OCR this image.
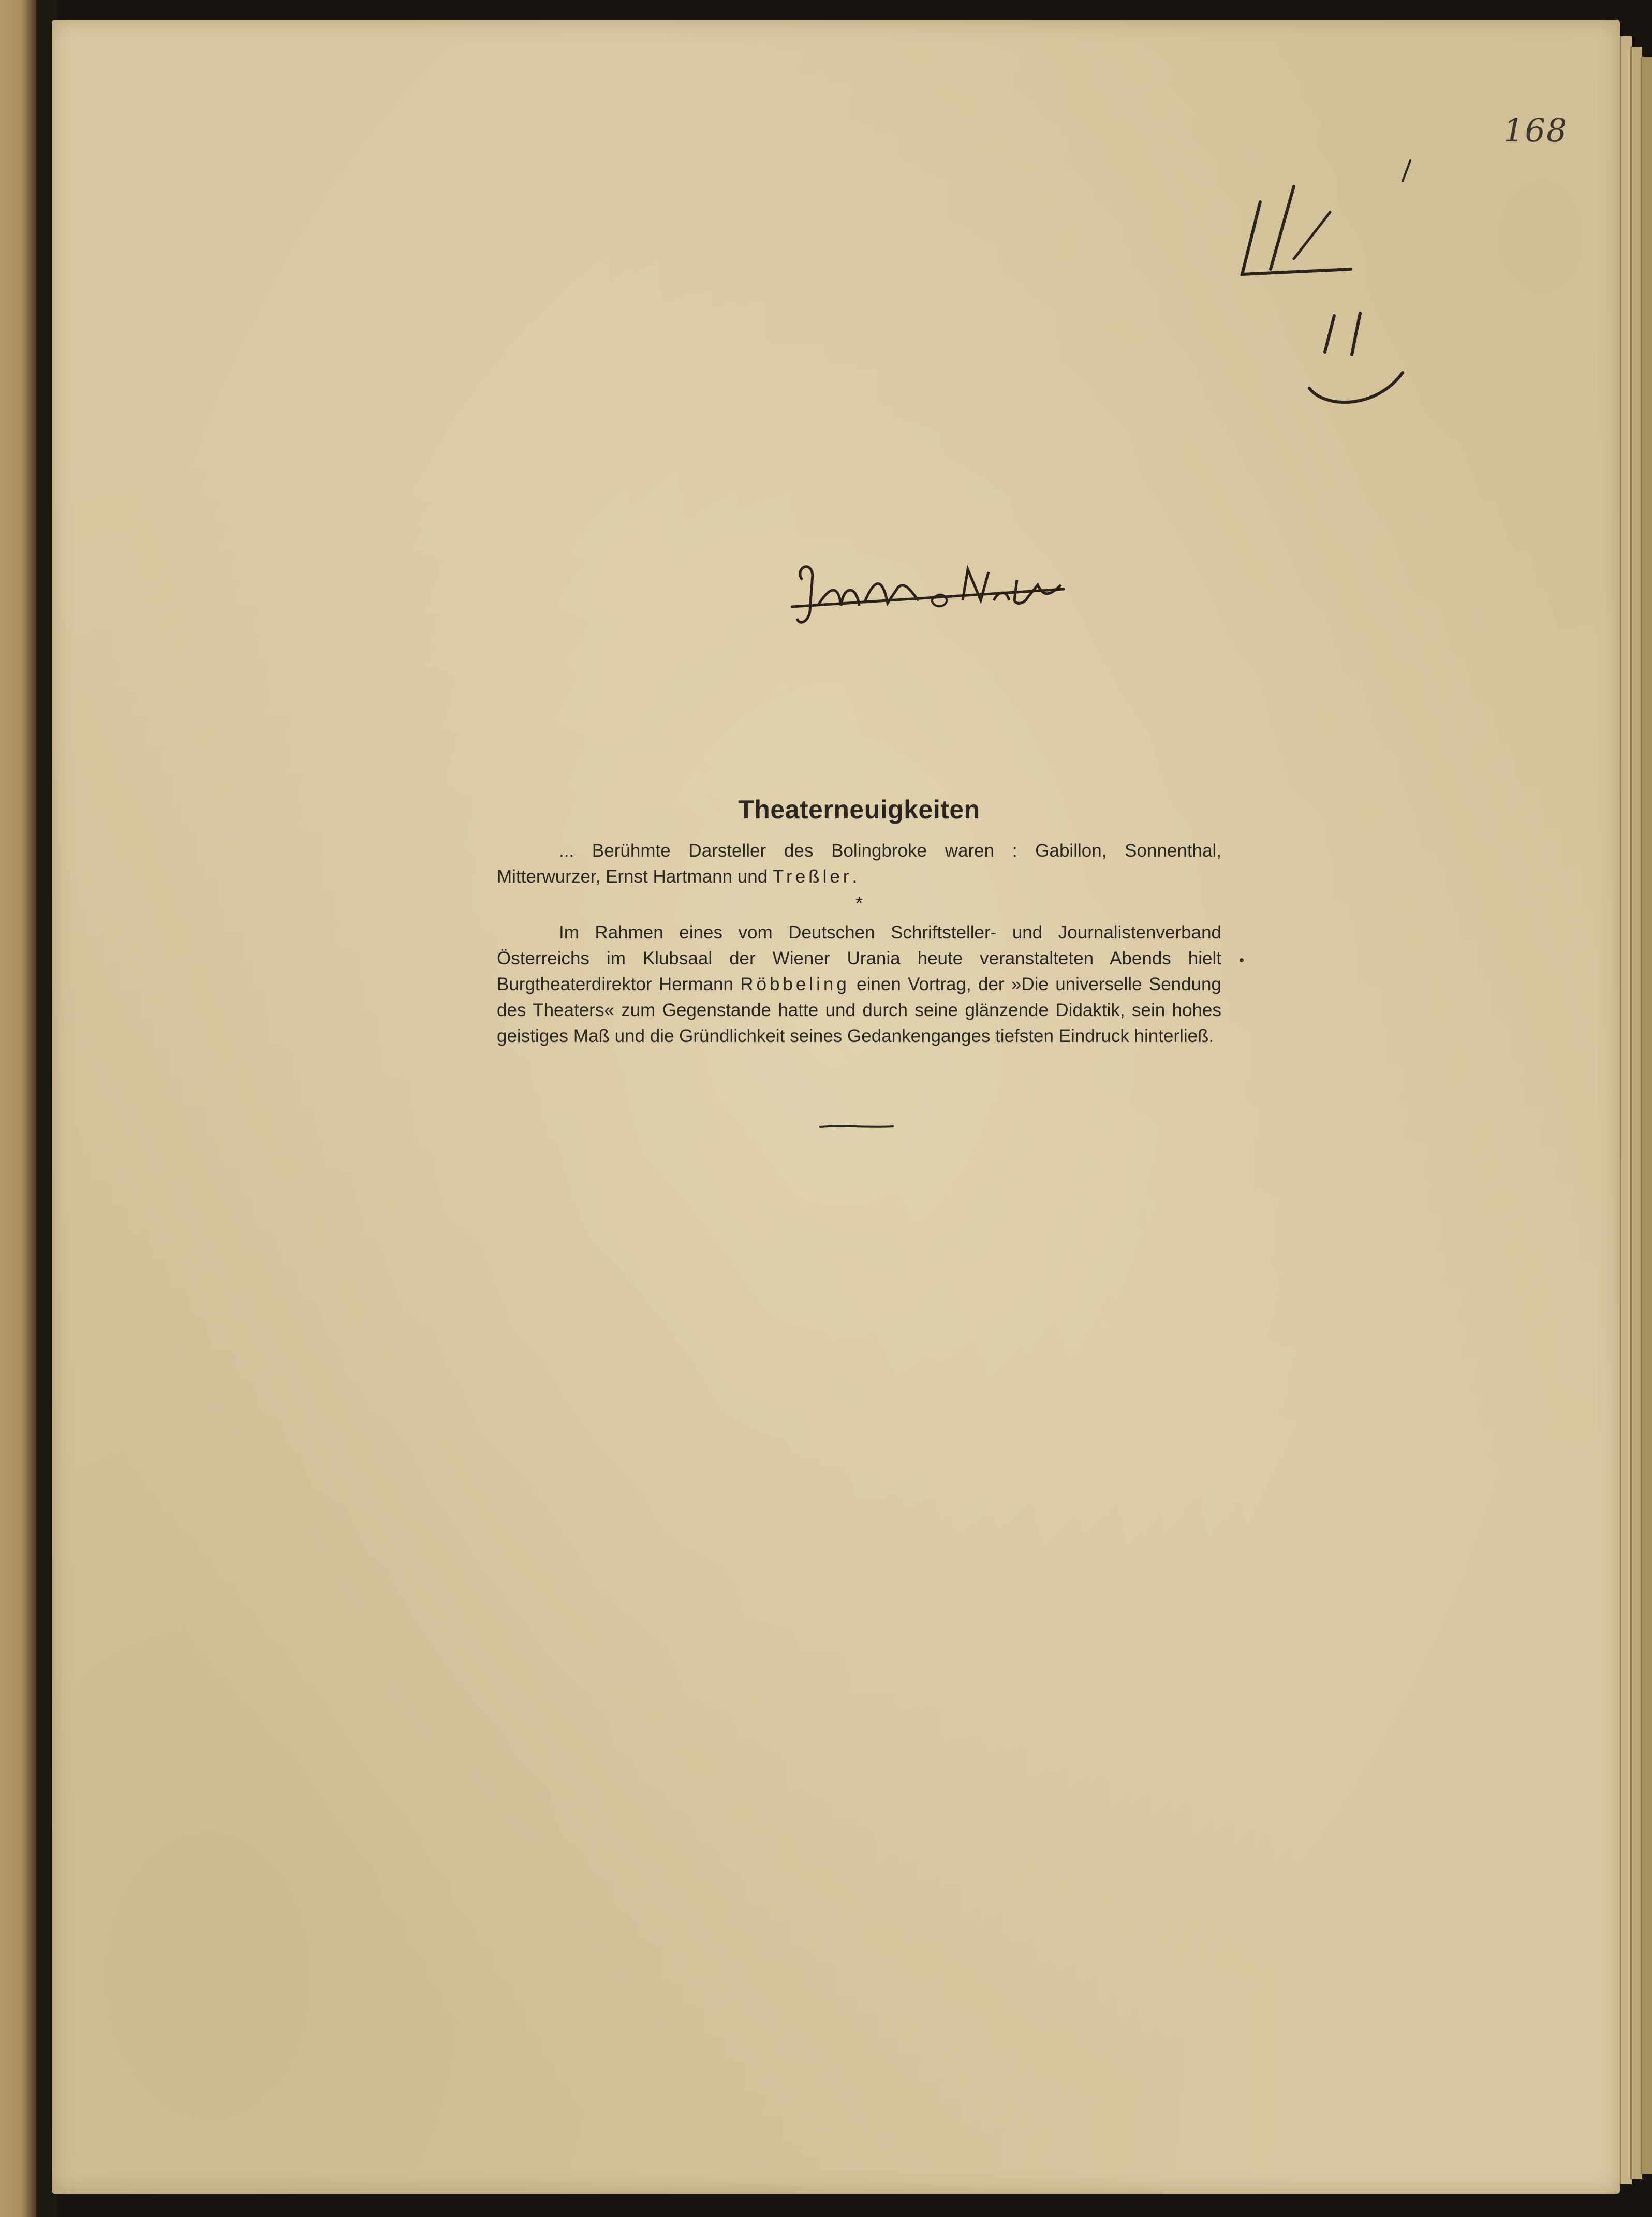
168
Theaterneuigkeiten

... Berühmte Darsteller des Bolingbroke waren : Gabillon, Sonnenthal, Mitterwurzer, Ernst Hartmann und Treßler.

*

Im Rahmen eines vom Deutschen Schriftsteller- und Journalistenverband Österreichs im Klubsaal der Wiener Urania heute veranstalteten Abends hielt Burgtheaterdirektor Hermann Röbbeling einen Vortrag, der »Die universelle Sendung des Theaters« zum Gegenstande hatte und durch seine glänzende Didaktik, sein hohes geistiges Maß und die Gründlichkeit seines Gedankenganges tiefsten Eindruck hinterließ.
